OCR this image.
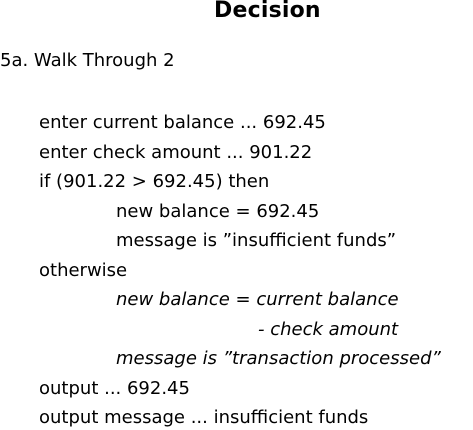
Decision
5a. Walk Through 2
enter current balance ... 692.45
enter check amount ... 901.22
if (901.22 > 692.45) then
new balance = 692.45
message is ”insufficient funds”
otherwise
new balance = current balance
- check amount
message is ”transaction processed”
output ... 692.45
output message ... insufficient funds
